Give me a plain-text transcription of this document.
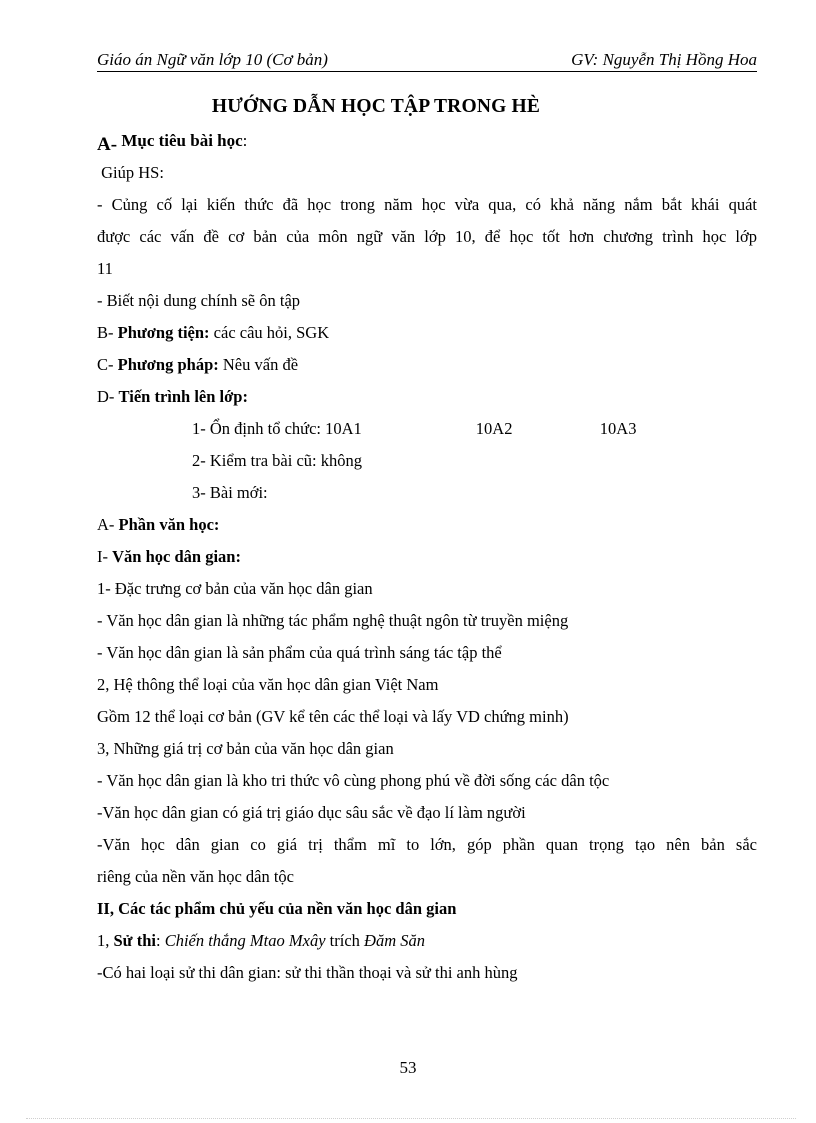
Giáo án Ngữ văn lớp 10 (Cơ bản)	GV: Nguyễn Thị Hồng Hoa
HƯỚNG DẪN HỌC TẬP TRONG HÈ
A- Mục tiêu bài học:
Giúp HS:
- Củng cố lại kiến thức đã học trong năm học vừa qua, có khả năng nắm bắt khái quát
được các vấn đề cơ bản của môn ngữ văn lớp 10, để học tốt hơn chương trình học lớp
11
- Biết nội dung chính sẽ ôn tập
B- Phương tiện: các câu hỏi, SGK
C- Phương pháp: Nêu vấn đề
D- Tiến trình lên lớp:
1- Ổn định tổ chức: 10A1	10A2	10A3
2- Kiểm tra bài cũ: không
3- Bài mới:
A- Phần văn học:
I- Văn học dân gian:
1- Đặc trưng cơ bản của văn học dân gian
- Văn học dân gian là những tác phẩm nghệ thuật ngôn từ truyền miệng
- Văn học dân gian là sản phẩm của quá trình sáng tác tập thể
2, Hệ thông thể loại của văn học dân gian Việt Nam
Gồm 12 thể loại cơ bản (GV kể tên các thể loại và lấy VD chứng minh)
3, Những giá trị cơ bản của văn học dân gian
- Văn học dân gian là kho tri thức vô cùng phong phú về đời sống các dân tộc
-Văn học dân gian có giá trị giáo dục sâu sắc về đạo lí làm người
-Văn học dân gian co giá trị thẩm mĩ to lớn, góp phần quan trọng tạo nên bản sắc
riêng của nền văn học dân tộc
II, Các tác phẩm chủ yếu của nền văn học dân gian
1, Sử thi: Chiến thắng Mtao Mxây trích Đăm Săn
-Có hai loại sử thi dân gian: sử thi thần thoại và sử thi anh hùng
53
